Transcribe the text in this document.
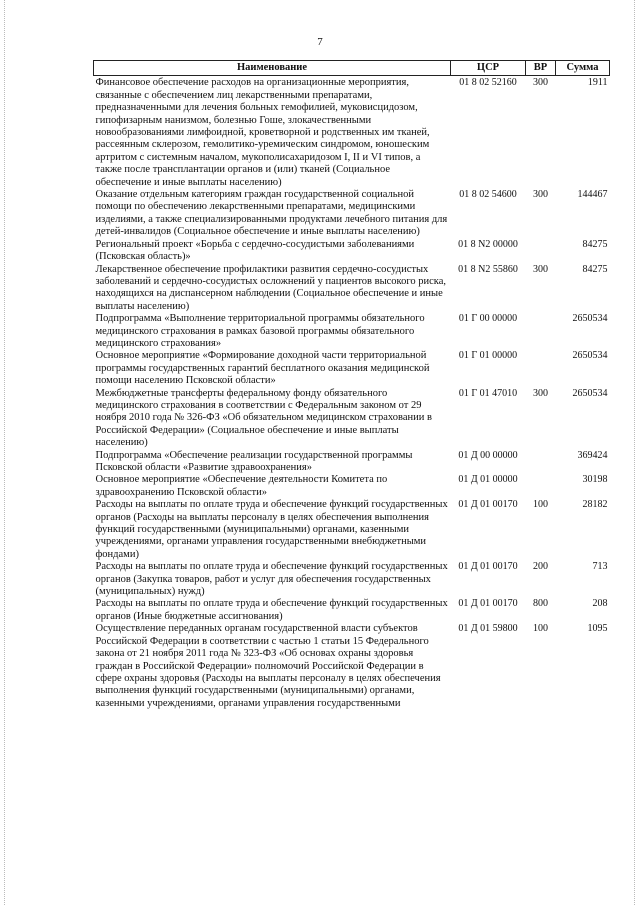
7
Наименование	ЦСР	ВР	Сумма
Финансовое обеспечение расходов на организационные мероприятия, связанные с обеспечением лиц лекарственными препаратами, предназначенными для лечения больных гемофилией, муковисцидозом, гипофизарным нанизмом, болезнью Гоше, злокачественными новообразованиями лимфоидной, кроветворной и родственных им тканей, рассеянным склерозом, гемолитико-уремическим синдромом, юношеским артритом с системным началом, мукополисахаридозом I, II и VI типов, а также после трансплантации органов и (или) тканей (Социальное обеспечение и иные выплаты населению)	01 8 02 52160	300	1911
Оказание отдельным категориям граждан государственной социальной помощи по обеспечению лекарственными препаратами, медицинскими изделиями, а также специализированными продуктами лечебного питания для детей-инвалидов (Социальное обеспечение и иные выплаты населению)	01 8 02 54600	300	144467
Региональный проект «Борьба с сердечно-сосудистыми заболеваниями (Псковская область)»	01 8 N2 00000		84275
Лекарственное обеспечение профилактики развития сердечно-сосудистых заболеваний и сердечно-сосудистых осложнений у пациентов высокого риска, находящихся на диспансерном наблюдении (Социальное обеспечение и иные выплаты населению)	01 8 N2 55860	300	84275
Подпрограмма «Выполнение территориальной программы обязательного медицинского страхования в рамках базовой программы обязательного медицинского страхования»	01 Г 00 00000		2650534
Основное мероприятие «Формирование доходной части территориальной программы государственных гарантий бесплатного оказания медицинской помощи населению Псковской области»	01 Г 01 00000		2650534
Межбюджетные трансферты федеральному фонду обязательного медицинского страхования в соответствии с Федеральным законом от 29 ноября 2010 года № 326-ФЗ «Об обязательном медицинском страховании в Российской Федерации» (Социальное обеспечение и иные выплаты населению)	01 Г 01 47010	300	2650534
Подпрограмма «Обеспечение реализации государственной программы Псковской области «Развитие здравоохранения»	01 Д 00 00000		369424
Основное мероприятие «Обеспечение деятельности Комитета по здравоохранению Псковской области»	01 Д 01 00000		30198
Расходы на выплаты по оплате труда и обеспечение функций государственных органов (Расходы на выплаты персоналу в целях обеспечения выполнения функций государственными (муниципальными) органами, казенными учреждениями, органами управления государственными внебюджетными фондами)	01 Д 01 00170	100	28182
Расходы на выплаты по оплате труда и обеспечение функций государственных органов (Закупка товаров, работ и услуг для обеспечения государственных (муниципальных) нужд)	01 Д 01 00170	200	713
Расходы на выплаты по оплате труда и обеспечение функций государственных органов (Иные бюджетные ассигнования)	01 Д 01 00170	800	208
Осуществление переданных органам государственной власти субъектов Российской Федерации в соответствии с частью 1 статьи 15 Федерального закона от 21 ноября 2011 года № 323-ФЗ «Об основах охраны здоровья граждан в Российской Федерации» полномочий Российской Федерации в сфере охраны здоровья (Расходы на выплаты персоналу в целях обеспечения выполнения функций государственными (муниципальными) органами, казенными учреждениями, органами управления государственными	01 Д 01 59800	100	1095
